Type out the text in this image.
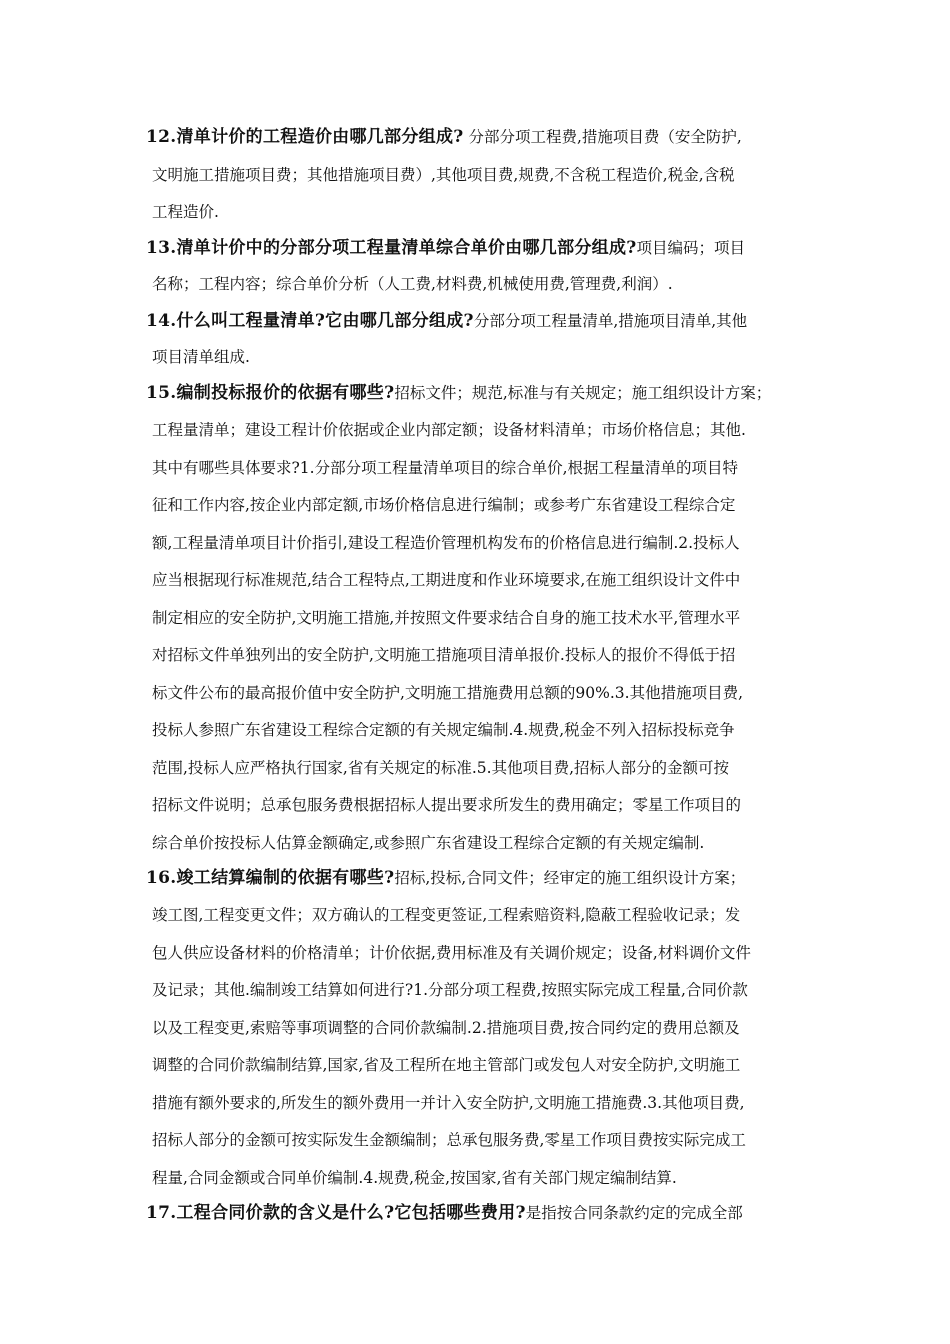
12.清单计价的工程造价由哪几部分组成? 分部分项工程费,措施项目费（安全防护,
文明施工措施项目费；其他措施项目费）,其他项目费,规费,不含税工程造价,税金,含税
工程造价.
13.清单计价中的分部分项工程量清单综合单价由哪几部分组成?项目编码；项目
名称；工程内容；综合单价分析（人工费,材料费,机械使用费,管理费,利润）.
14.什么叫工程量清单?它由哪几部分组成?分部分项工程量清单,措施项目清单,其他
项目清单组成.
15.编制投标报价的依据有哪些?招标文件；规范,标准与有关规定；施工组织设计方案；
工程量清单；建设工程计价依据或企业内部定额；设备材料清单；市场价格信息；其他.
其中有哪些具体要求?1.分部分项工程量清单项目的综合单价,根据工程量清单的项目特
征和工作内容,按企业内部定额,市场价格信息进行编制；或参考广东省建设工程综合定
额,工程量清单项目计价指引,建设工程造价管理机构发布的价格信息进行编制.2.投标人
应当根据现行标准规范,结合工程特点,工期进度和作业环境要求,在施工组织设计文件中
制定相应的安全防护,文明施工措施,并按照文件要求结合自身的施工技术水平,管理水平
对招标文件单独列出的安全防护,文明施工措施项目清单报价.投标人的报价不得低于招
标文件公布的最高报价值中安全防护,文明施工措施费用总额的90%.3.其他措施项目费,
投标人参照广东省建设工程综合定额的有关规定编制.4.规费,税金不列入招标投标竞争
范围,投标人应严格执行国家,省有关规定的标准.5.其他项目费,招标人部分的金额可按
招标文件说明；总承包服务费根据招标人提出要求所发生的费用确定；零星工作项目的
综合单价按投标人估算金额确定,或参照广东省建设工程综合定额的有关规定编制.
16.竣工结算编制的依据有哪些?招标,投标,合同文件；经审定的施工组织设计方案；
竣工图,工程变更文件；双方确认的工程变更签证,工程索赔资料,隐蔽工程验收记录；发
包人供应设备材料的价格清单；计价依据,费用标准及有关调价规定；设备,材料调价文件
及记录；其他.编制竣工结算如何进行?1.分部分项工程费,按照实际完成工程量,合同价款
以及工程变更,索赔等事项调整的合同价款编制.2.措施项目费,按合同约定的费用总额及
调整的合同价款编制结算,国家,省及工程所在地主管部门或发包人对安全防护,文明施工
措施有额外要求的,所发生的额外费用一并计入安全防护,文明施工措施费.3.其他项目费,
招标人部分的金额可按实际发生金额编制；总承包服务费,零星工作项目费按实际完成工
程量,合同金额或合同单价编制.4.规费,税金,按国家,省有关部门规定编制结算.
17.工程合同价款的含义是什么?它包括哪些费用?是指按合同条款约定的完成全部
